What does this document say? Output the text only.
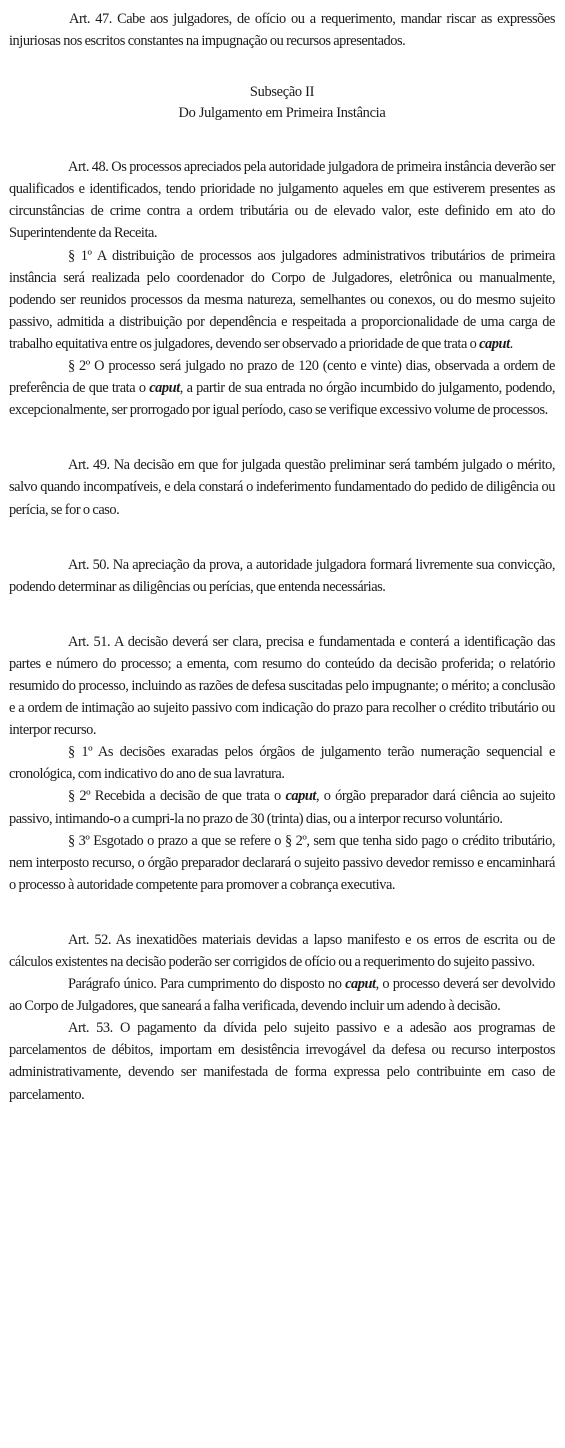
Art. 47. Cabe aos julgadores, de ofício ou a requerimento, mandar riscar as expressões injuriosas nos escritos constantes na impugnação ou recursos apresentados.

Subseção II

Do Julgamento em Primeira Instância

Art. 48. Os processos apreciados pela autoridade julgadora de primeira instância deverão ser qualificados e identificados, tendo prioridade no julgamento aqueles em que estiverem presentes as circunstâncias de crime contra a ordem tributária ou de elevado valor, este definido em ato do Superintendente da Receita.

§ 1º A distribuição de processos aos julgadores administrativos tributários de primeira instância será realizada pelo coordenador do Corpo de Julgadores, eletrônica ou manualmente, podendo ser reunidos processos da mesma natureza, semelhantes ou conexos, ou do mesmo sujeito passivo, admitida a distribuição por dependência e respeitada a proporcionalidade de uma carga de trabalho equitativa entre os julgadores, devendo ser observado a prioridade de que trata o caput.

§ 2º O processo será julgado no prazo de 120 (cento e vinte) dias, observada a ordem de preferência de que trata o caput, a partir de sua entrada no órgão incumbido do julgamento, podendo, excepcionalmente, ser prorrogado por igual período, caso se verifique excessivo volume de processos.

Art. 49. Na decisão em que for julgada questão preliminar será também julgado o mérito, salvo quando incompatíveis, e dela constará o indeferimento fundamentado do pedido de diligência ou perícia, se for o caso.

Art. 50. Na apreciação da prova, a autoridade julgadora formará livremente sua convicção, podendo determinar as diligências ou perícias, que entenda necessárias.

Art. 51. A decisão deverá ser clara, precisa e fundamentada e conterá a identificação das partes e número do processo; a ementa, com resumo do conteúdo da decisão proferida; o relatório resumido do processo, incluindo as razões de defesa suscitadas pelo impugnante; o mérito; a conclusão e a ordem de intimação ao sujeito passivo com indicação do prazo para recolher o crédito tributário ou interpor recurso.

§ 1º As decisões exaradas pelos órgãos de julgamento terão numeração sequencial e cronológica, com indicativo do ano de sua lavratura.

§ 2º Recebida a decisão de que trata o caput, o órgão preparador dará ciência ao sujeito passivo, intimando-o a cumpri-la no prazo de 30 (trinta) dias, ou a interpor recurso voluntário.

§ 3º Esgotado o prazo a que se refere o § 2º, sem que tenha sido pago o crédito tributário, nem interposto recurso, o órgão preparador declarará o sujeito passivo devedor remisso e encaminhará o processo à autoridade competente para promover a cobrança executiva.

Art. 52. As inexatidões materiais devidas a lapso manifesto e os erros de escrita ou de cálculos existentes na decisão poderão ser corrigidos de ofício ou a requerimento do sujeito passivo.

Parágrafo único. Para cumprimento do disposto no caput, o processo deverá ser devolvido ao Corpo de Julgadores, que saneará a falha verificada, devendo incluir um adendo à decisão.

Art. 53. O pagamento da dívida pelo sujeito passivo e a adesão aos programas de parcelamentos de débitos, importam em desistência irrevogável da defesa ou recurso interpostos administrativamente, devendo ser manifestada de forma expressa pelo contribuinte em caso de parcelamento.
